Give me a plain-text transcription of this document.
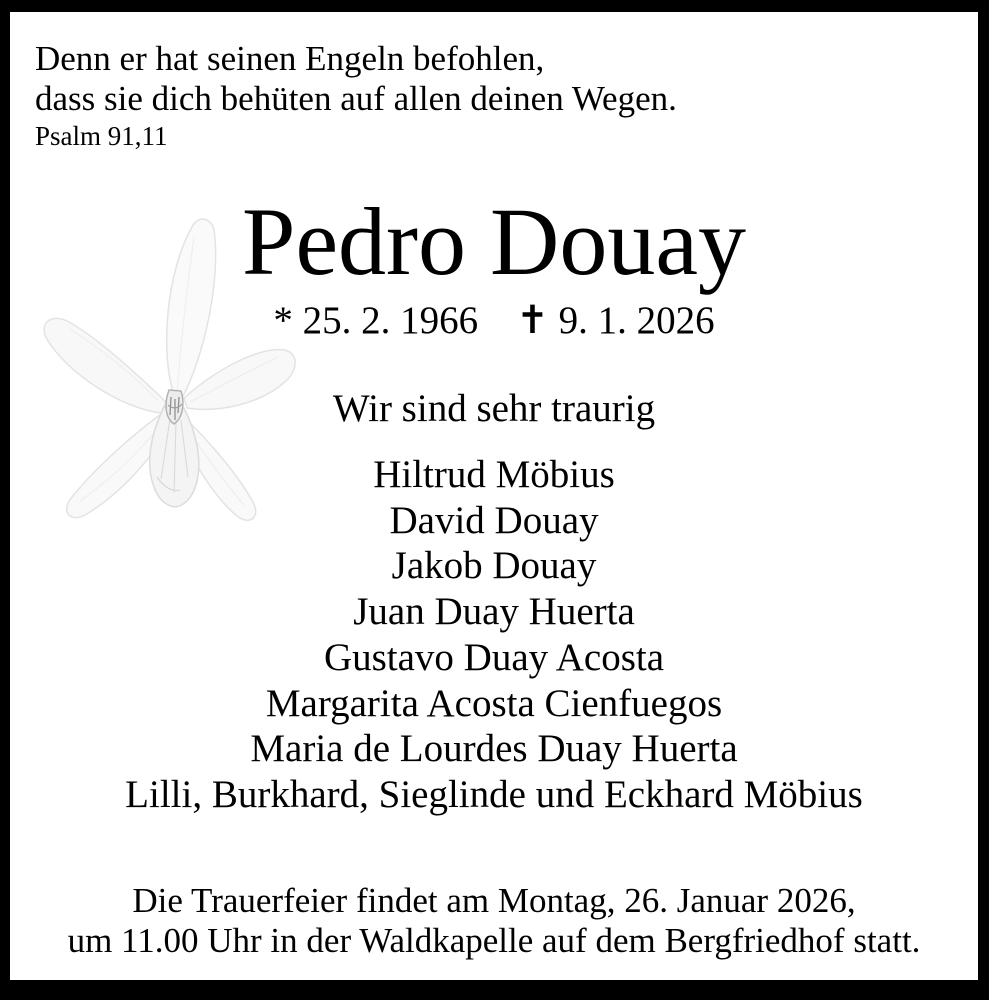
Denn er hat seinen Engeln befohlen,
dass sie dich behüten auf allen deinen Wegen.
Psalm 91,11
Pedro Douay
* 25. 2. 1966 ✝ 9. 1. 2026
Wir sind sehr traurig
Hiltrud Möbius
David Douay
Jakob Douay
Juan Duay Huerta
Gustavo Duay Acosta
Margarita Acosta Cienfuegos
Maria de Lourdes Duay Huerta
Lilli, Burkhard, Sieglinde und Eckhard Möbius
Die Trauerfeier findet am Montag, 26. Januar 2026,
um 11.00 Uhr in der Waldkapelle auf dem Bergfriedhof statt.
